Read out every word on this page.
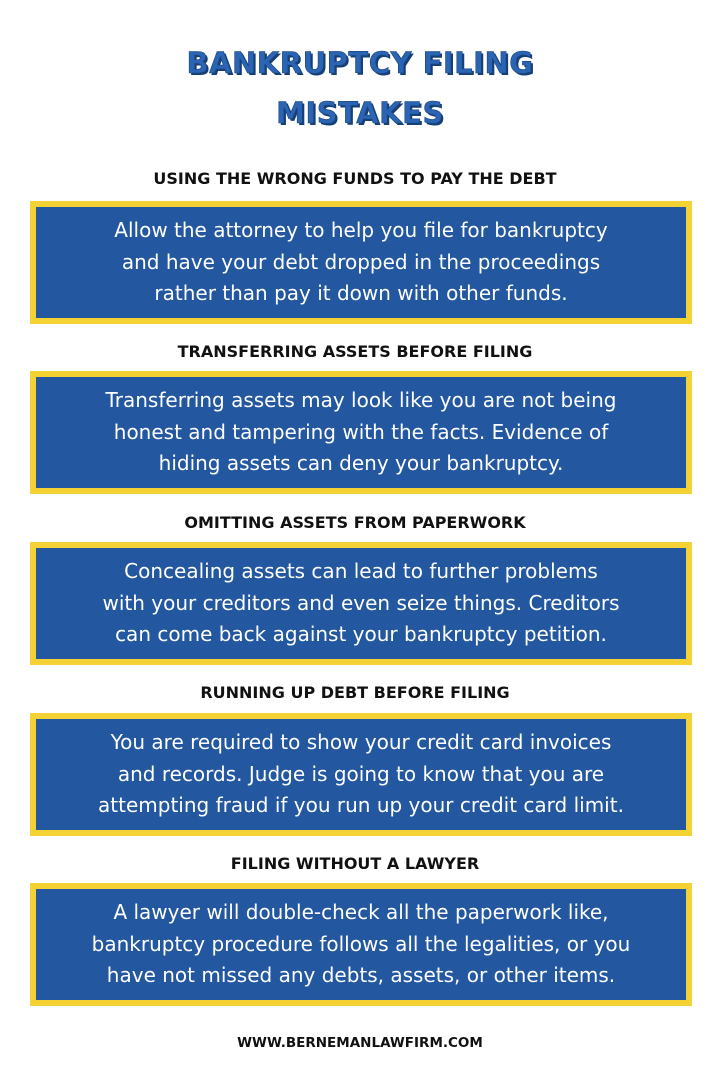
BANKRUPTCY FILING
MISTAKES
USING THE WRONG FUNDS TO PAY THE DEBT
Allow the attorney to help you file for bankruptcy
and have your debt dropped in the proceedings
rather than pay it down with other funds.
TRANSFERRING ASSETS BEFORE FILING
Transferring assets may look like you are not being
honest and tampering with the facts. Evidence of
hiding assets can deny your bankruptcy.
OMITTING ASSETS FROM PAPERWORK
Concealing assets can lead to further problems
with your creditors and even seize things. Creditors
can come back against your bankruptcy petition.
RUNNING UP DEBT BEFORE FILING
You are required to show your credit card invoices
and records. Judge is going to know that you are
attempting fraud if you run up your credit card limit.
FILING WITHOUT A LAWYER
A lawyer will double-check all the paperwork like,
bankruptcy procedure follows all the legalities, or you
have not missed any debts, assets, or other items.
WWW.BERNEMANLAWFIRM.COM
